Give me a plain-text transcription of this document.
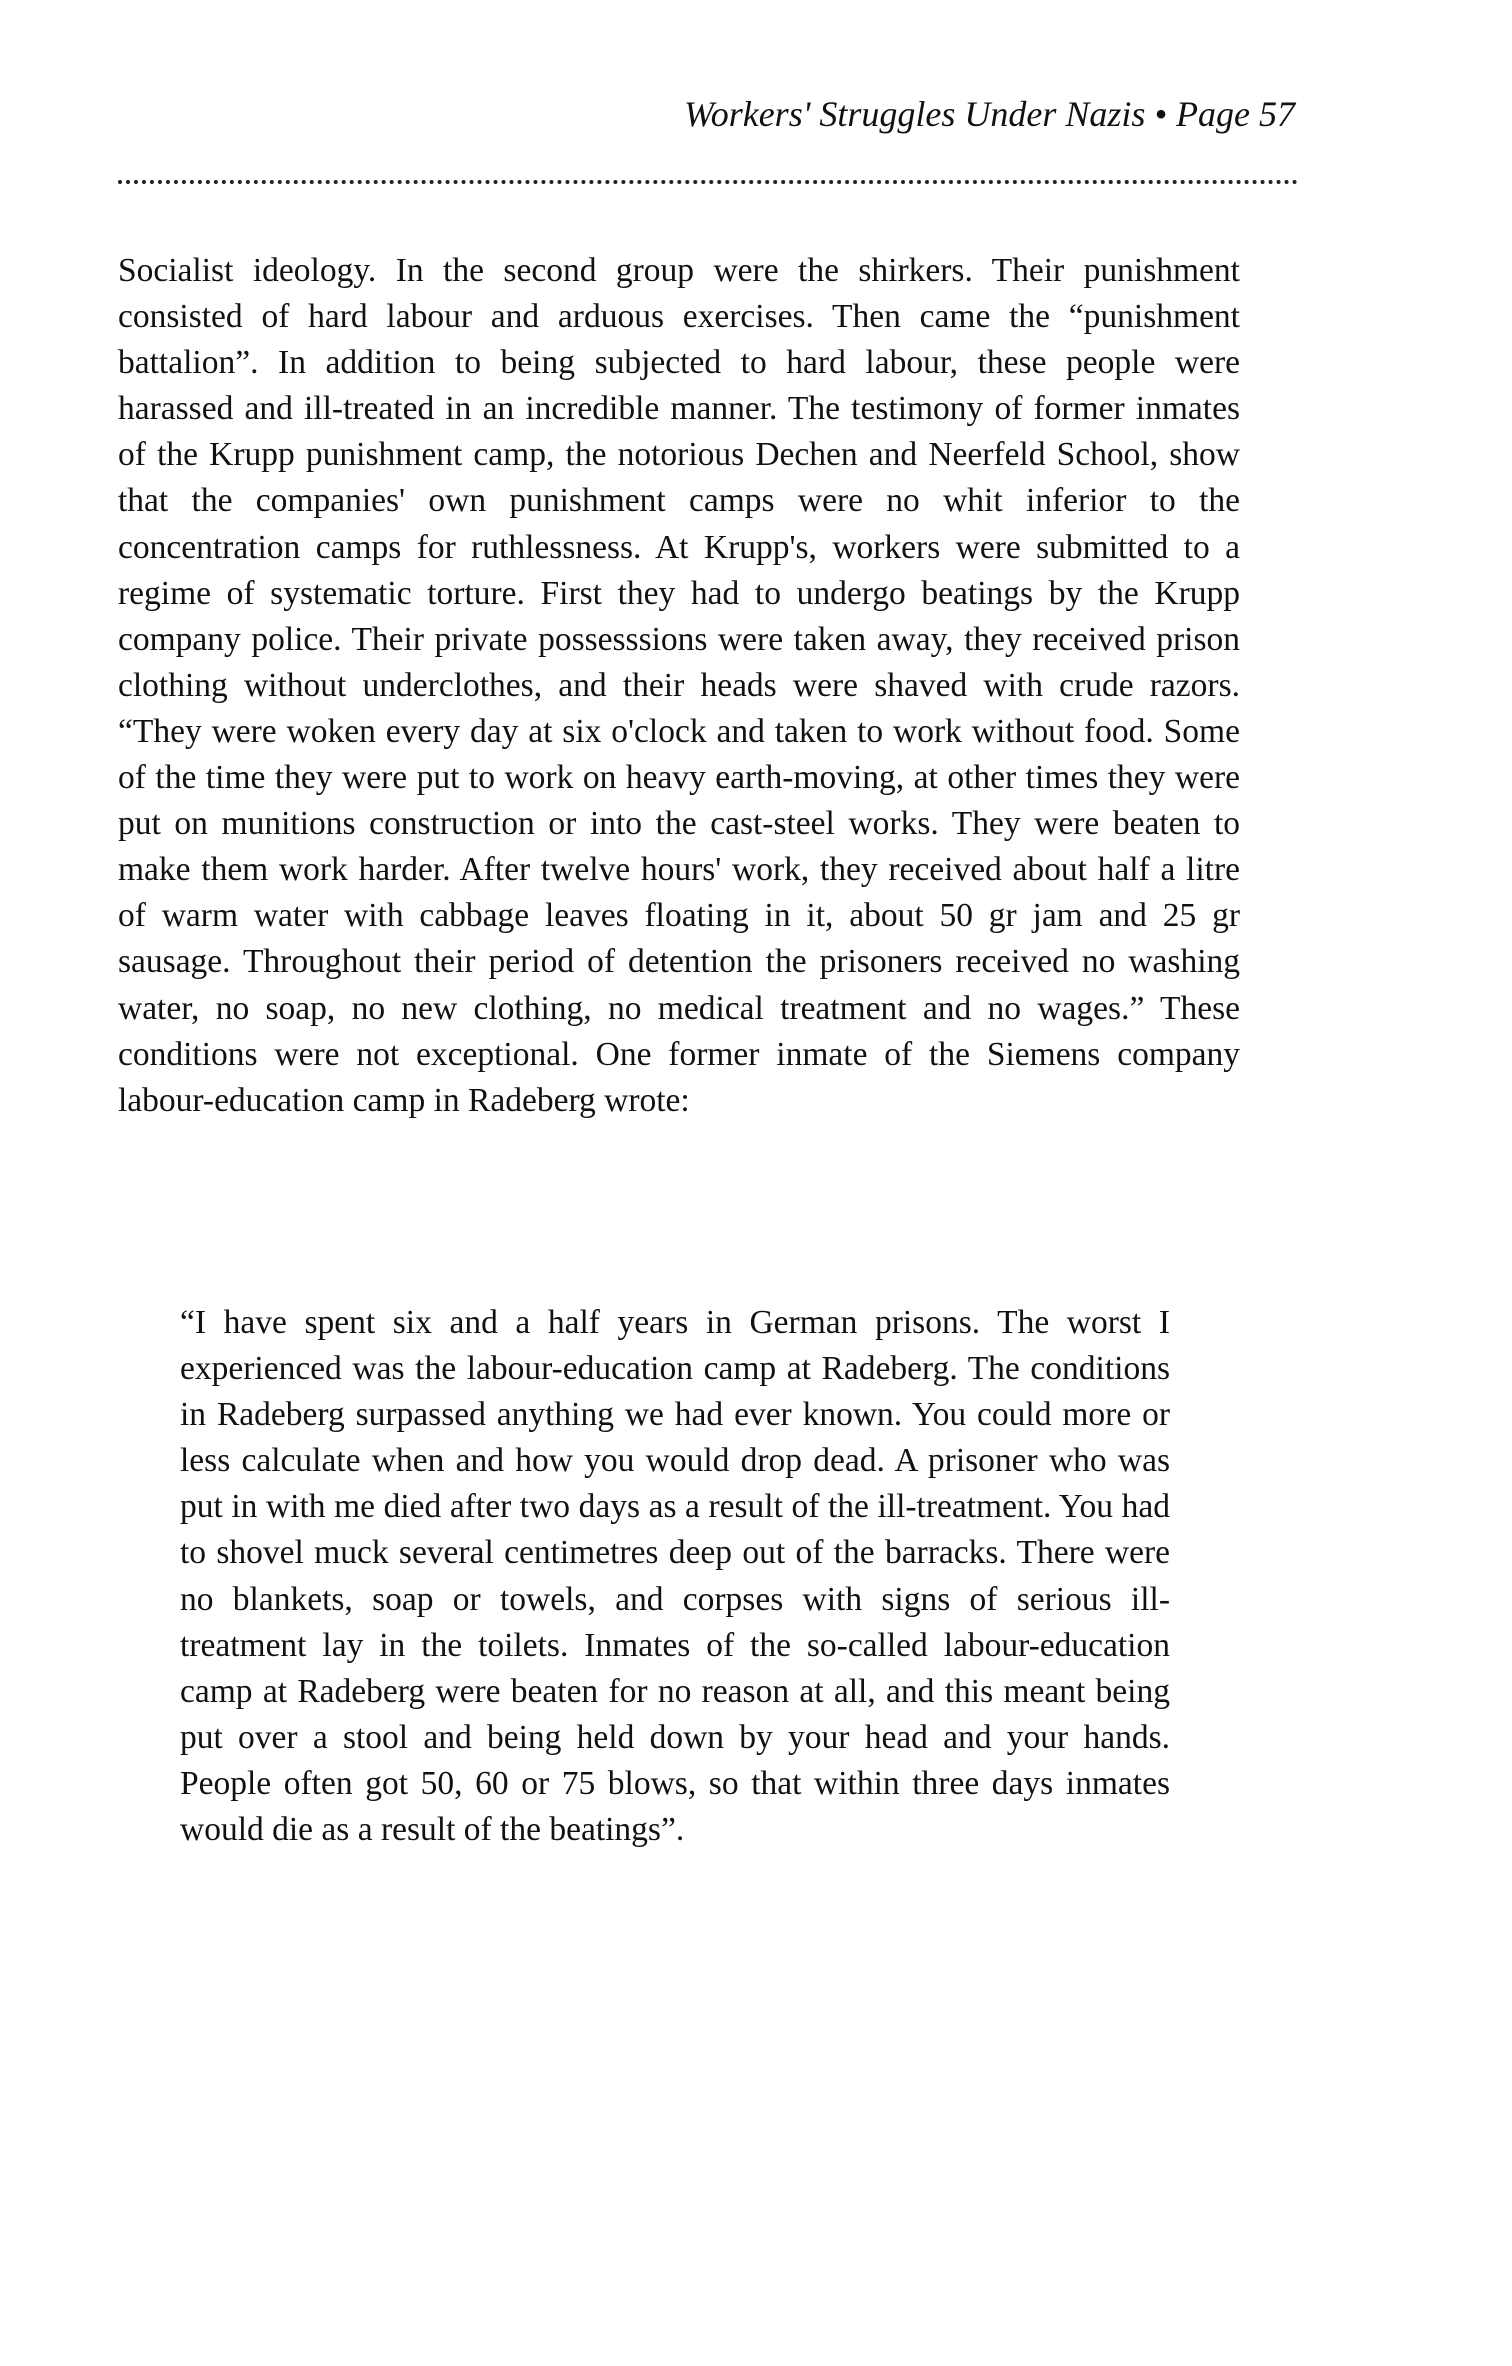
Workers' Struggles Under Nazis • Page 57

Socialist ideology. In the second group were the shirkers. Their punishment consisted of hard labour and arduous exercises. Then came the “punishment battalion”. In addition to being subjected to hard labour, these people were harassed and ill-treated in an incredible manner. The testimony of former inmates of the Krupp punishment camp, the notorious Dechen and Neerfeld School, show that the companies' own punishment camps were no whit inferior to the concentration camps for ruthlessness. At Krupp's, workers were submitted to a regime of systematic torture. First they had to undergo beatings by the Krupp company police. Their private possesssions were taken away, they received prison clothing without underclothes, and their heads were shaved with crude razors. “They were woken every day at six o'clock and taken to work without food. Some of the time they were put to work on heavy earth-moving, at other times they were put on munitions construction or into the cast-steel works. They were beaten to make them work harder. After twelve hours' work, they received about half a litre of warm water with cabbage leaves floating in it, about 50 gr jam and 25 gr sausage. Throughout their period of detention the prisoners received no washing water, no soap, no new clothing, no medical treatment and no wages.” These conditions were not exceptional. One former inmate of the Siemens company labour-education camp in Radeberg wrote:

“I have spent six and a half years in German prisons. The worst I experienced was the labour-education camp at Radeberg. The conditions in Radeberg surpassed anything we had ever known. You could more or less calculate when and how you would drop dead. A prisoner who was put in with me died after two days as a result of the ill-treatment. You had to shovel muck several centimetres deep out of the barracks. There were no blankets, soap or towels, and corpses with signs of serious ill-treatment lay in the toilets. Inmates of the so-called labour-education camp at Radeberg were beaten for no reason at all, and this meant being put over a stool and being held down by your head and your hands. People often got 50, 60 or 75 blows, so that within three days inmates would die as a result of the beatings”.
